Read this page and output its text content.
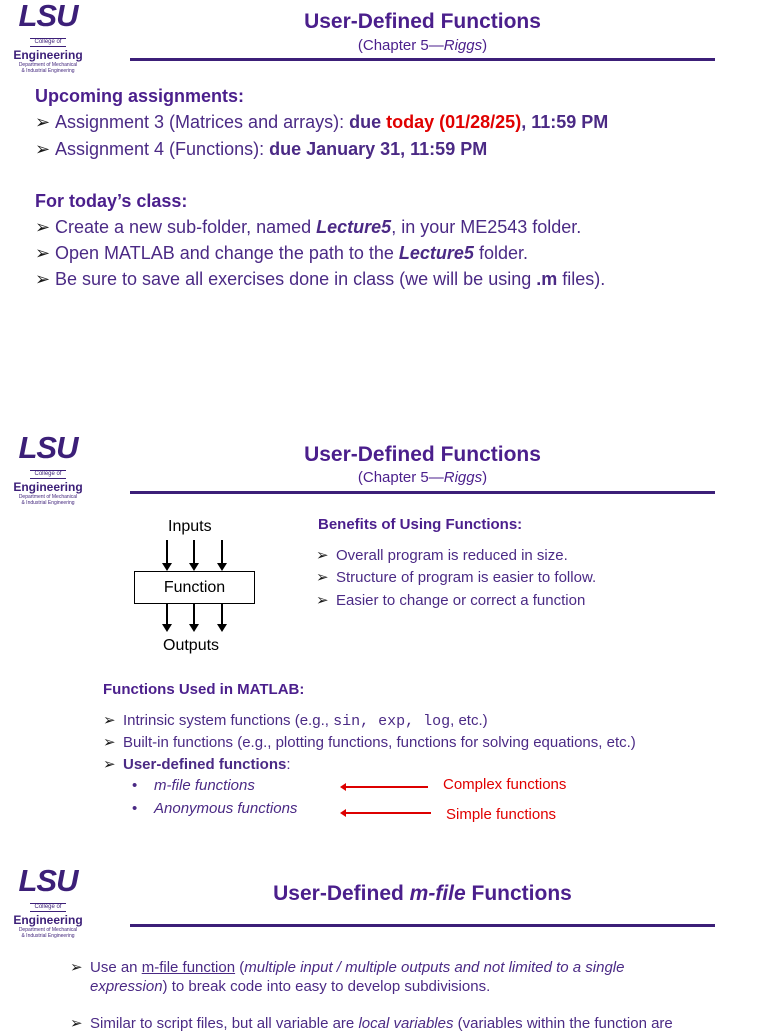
LSU
College of
Engineering
Department of Mechanical
& Industrial Engineering
User-Defined Functions
(Chapter 5—Riggs)
Upcoming assignments:
➢ Assignment 3 (Matrices and arrays): due today (01/28/25), 11:59 PM
➢ Assignment 4 (Functions): due January 31, 11:59 PM
For today’s class:
➢ Create a new sub-folder, named Lecture5, in your ME2543 folder.
➢ Open MATLAB and change the path to the Lecture5 folder.
➢ Be sure to save all exercises done in class (we will be using .m files).
LSU
College of
Engineering
Department of Mechanical
& Industrial Engineering
User-Defined Functions
(Chapter 5—Riggs)
Inputs
Function
Outputs
Benefits of Using Functions:
➢ Overall program is reduced in size.
➢ Structure of program is easier to follow.
➢ Easier to change or correct a function
Functions Used in MATLAB:
➢ Intrinsic system functions (e.g., sin, exp, log, etc.)
➢ Built-in functions (e.g., plotting functions, functions for solving equations, etc.)
➢ User-defined functions:
• m-file functions
• Anonymous functions
Complex functions
Simple functions
LSU
College of
Engineering
Department of Mechanical
& Industrial Engineering
User-Defined m-file Functions
➢ Use an m-file function (multiple input / multiple outputs and not limited to a single
expression) to break code into easy to develop subdivisions.
➢ Similar to script files, but all variable are local variables (variables within the function are
